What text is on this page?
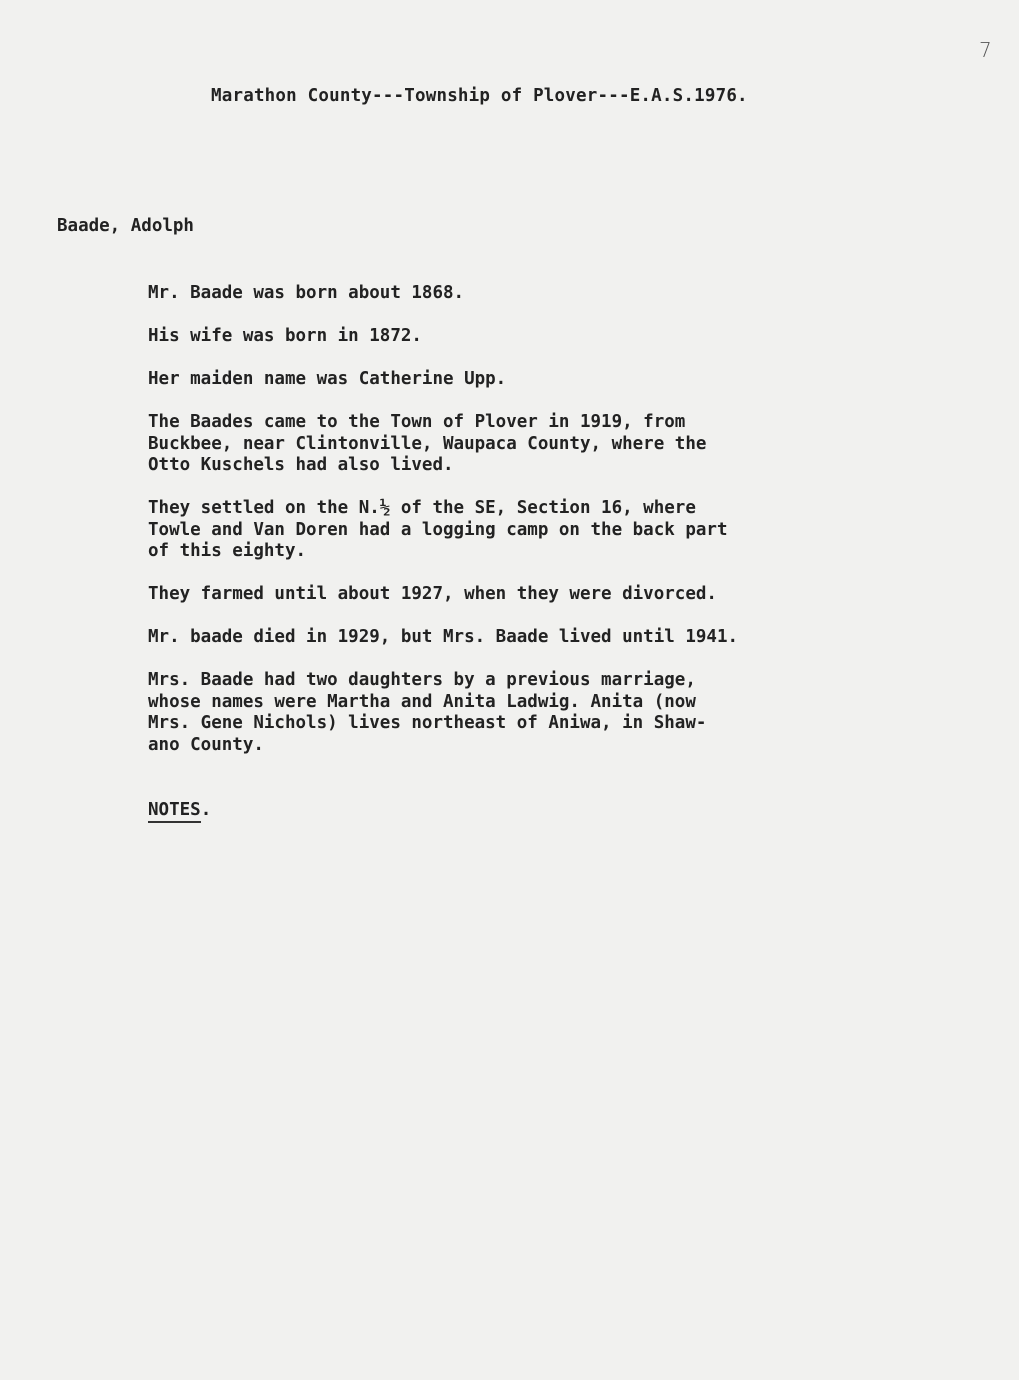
7
Marathon County---Township of Plover---E.A.S.1976.
Baade, Adolph
Mr. Baade was born about 1868.
His wife was born in 1872.
Her maiden name was Catherine Upp.
The Baades came to the Town of Plover in 1919, from
Buckbee, near Clintonville, Waupaca County, where the
Otto Kuschels had also lived.
They settled on the N.½ of the SE, Section 16, where
Towle and Van Doren had a logging camp on the back part
of this eighty.
They farmed until about 1927, when they were divorced.
Mr. baade died in 1929, but Mrs. Baade lived until 1941.
Mrs. Baade had two daughters by a previous marriage,
whose names were Martha and Anita Ladwig. Anita (now
Mrs. Gene Nichols) lives northeast of Aniwa, in Shaw-
ano County.
NOTES.
